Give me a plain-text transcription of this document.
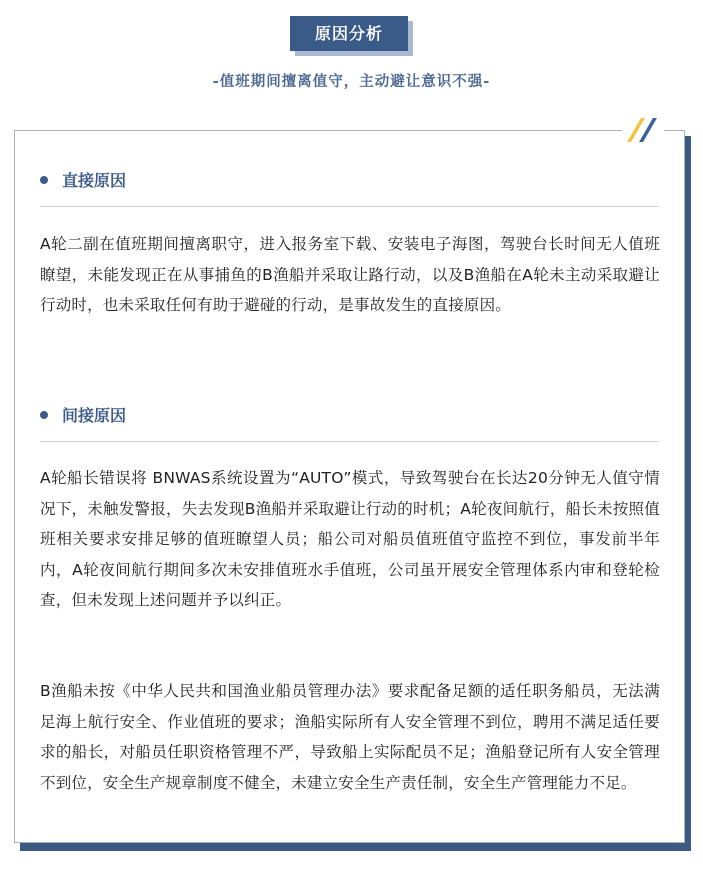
原因分析
-值班期间擅离值守，主动避让意识不强-
直接原因
A轮二副在值班期间擅离职守，进入报务室下载、安装电子海图，驾驶台长时间无人值班瞭望，未能发现正在从事捕鱼的B渔船并采取让路行动，以及B渔船在A轮未主动采取避让行动时，也未采取任何有助于避碰的行动，是事故发生的直接原因。
间接原因
A轮船长错误将 BNWAS系统设置为“AUTO”模式，导致驾驶台在长达20分钟无人值守情况下，未触发警报，失去发现B渔船并采取避让行动的时机；A轮夜间航行，船长未按照值班相关要求安排足够的值班瞭望人员；船公司对船员值班值守监控不到位，事发前半年内，A轮夜间航行期间多次未安排值班水手值班，公司虽开展安全管理体系内审和登轮检查，但未发现上述问题并予以纠正。
B渔船未按《中华人民共和国渔业船员管理办法》要求配备足额的适任职务船员，无法满足海上航行安全、作业值班的要求；渔船实际所有人安全管理不到位，聘用不满足适任要求的船长，对船员任职资格管理不严，导致船上实际配员不足；渔船登记所有人安全管理不到位，安全生产规章制度不健全，未建立安全生产责任制，安全生产管理能力不足。
